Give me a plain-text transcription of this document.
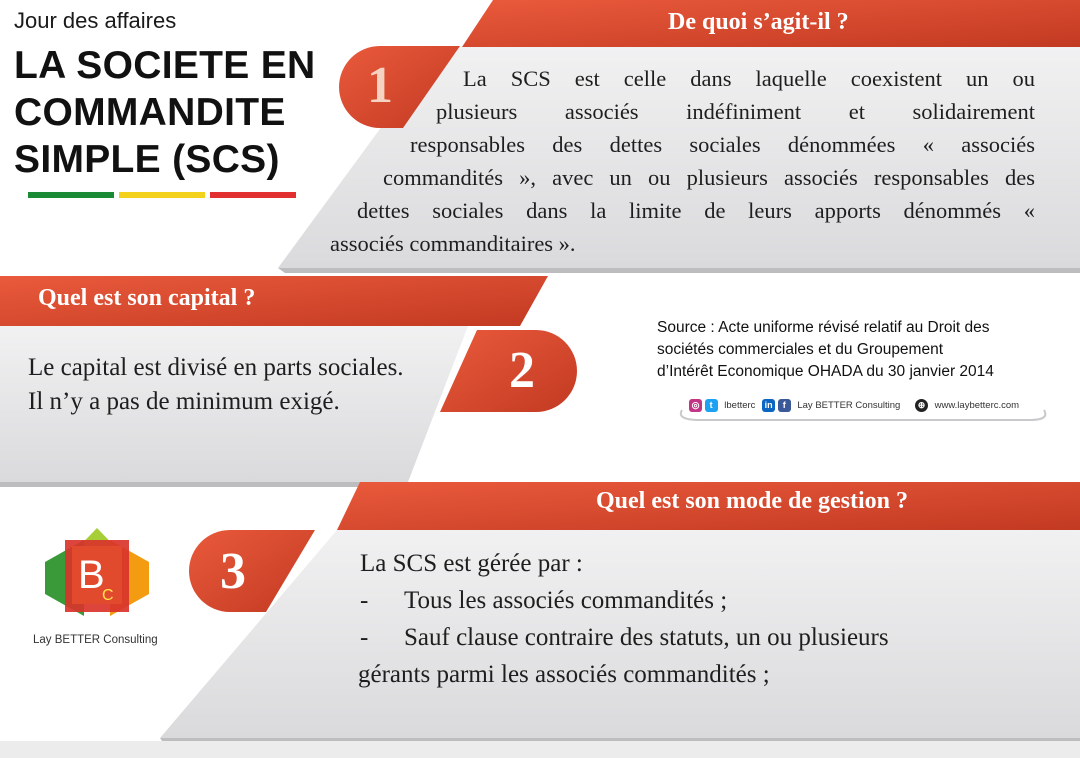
B
C
Jour des affaires
LA SOCIETE EN
COMMANDITE
SIMPLE (SCS)
1
De quoi s’agit-il ?
La SCS est celle dans laquelle coexistent un ou
plusieurs associés indéfiniment et solidairement
responsables des dettes sociales dénommées « associés
commandités », avec un ou plusieurs associés responsables des
dettes sociales dans la limite de leurs apports dénommés «
associés commanditaires ».
Quel est son capital ?
2
Le capital est divisé en parts sociales.
Il n’y a pas de minimum exigé.
Source : Acte uniforme révisé relatif au Droit des
sociétés commerciales et du Groupement
d’Intérêt Economique OHADA du 30 janvier 2014
◎ t lbetterc in f Lay BETTER Consulting ⊕ www.laybetterc.com
Quel est son mode de gestion ?
3	La SCS est gérée par :
- Tous les associés commandités ;
- Sauf clause contraire des statuts, un ou plusieurs
gérants parmi les associés commandités ;
Lay BETTER Consulting
